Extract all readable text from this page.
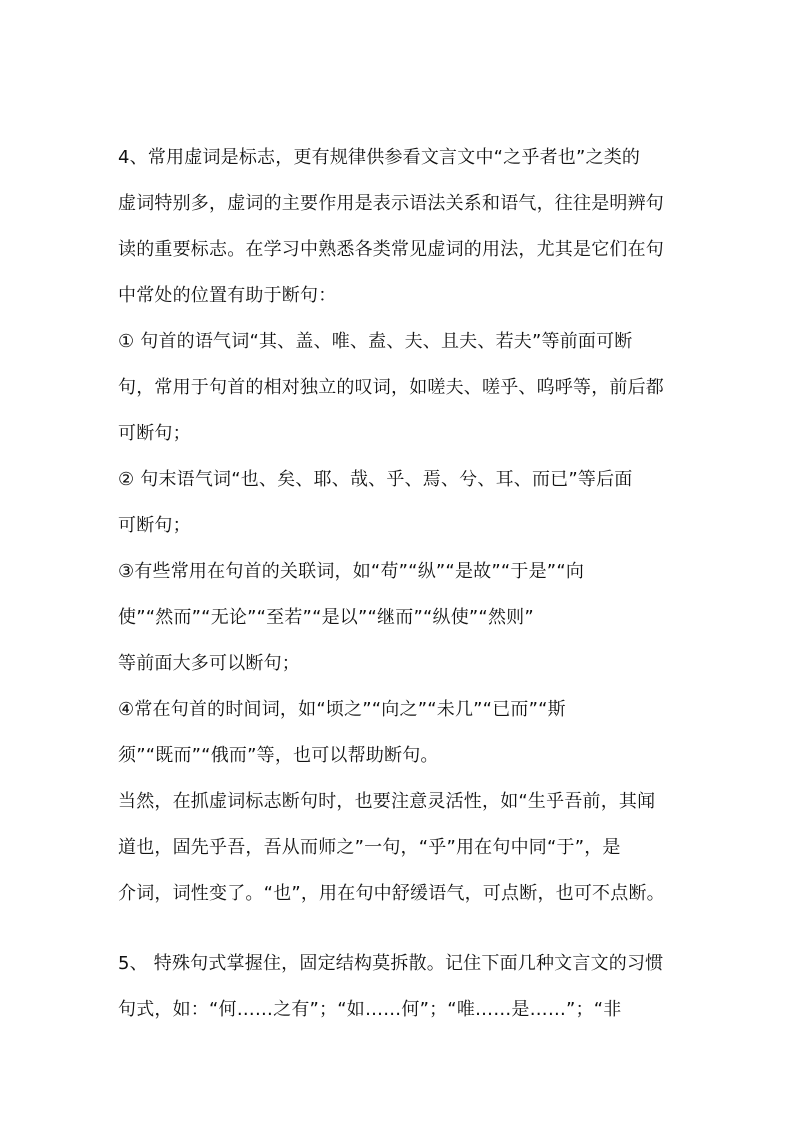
4、常用虚词是标志，更有规律供参看文言文中“之乎者也”之类的
虚词特别多，虚词的主要作用是表示语法关系和语气，往往是明辨句
读的重要标志。在学习中熟悉各类常见虚词的用法，尤其是它们在句
中常处的位置有助于断句：
① 句首的语气词“其、盖、唯、盍、夫、且夫、若夫”等前面可断
句，常用于句首的相对独立的叹词，如嗟夫、嗟乎、呜呼等，前后都
可断句；
② 句末语气词“也、矣、耶、哉、乎、焉、兮、耳、而已”等后面
可断句；
③有些常用在句首的关联词，如“苟”“纵”“是故”“于是”“向
使”“然而”“无论”“至若”“是以”“继而”“纵使”“然则”
等前面大多可以断句；
④常在句首的时间词，如“顷之”“向之”“未几”“已而”“斯
须”“既而”“俄而”等，也可以帮助断句。
当然，在抓虚词标志断句时，也要注意灵活性，如“生乎吾前，其闻
道也，固先乎吾，吾从而师之”一句，“乎”用在句中同“于”，是
介词，词性变了。“也”，用在句中舒缓语气，可点断，也可不点断。
5、 特殊句式掌握住，固定结构莫拆散。记住下面几种文言文的习惯
句式，如：“何……之有”；“如……何”；“唯……是……”；“非
